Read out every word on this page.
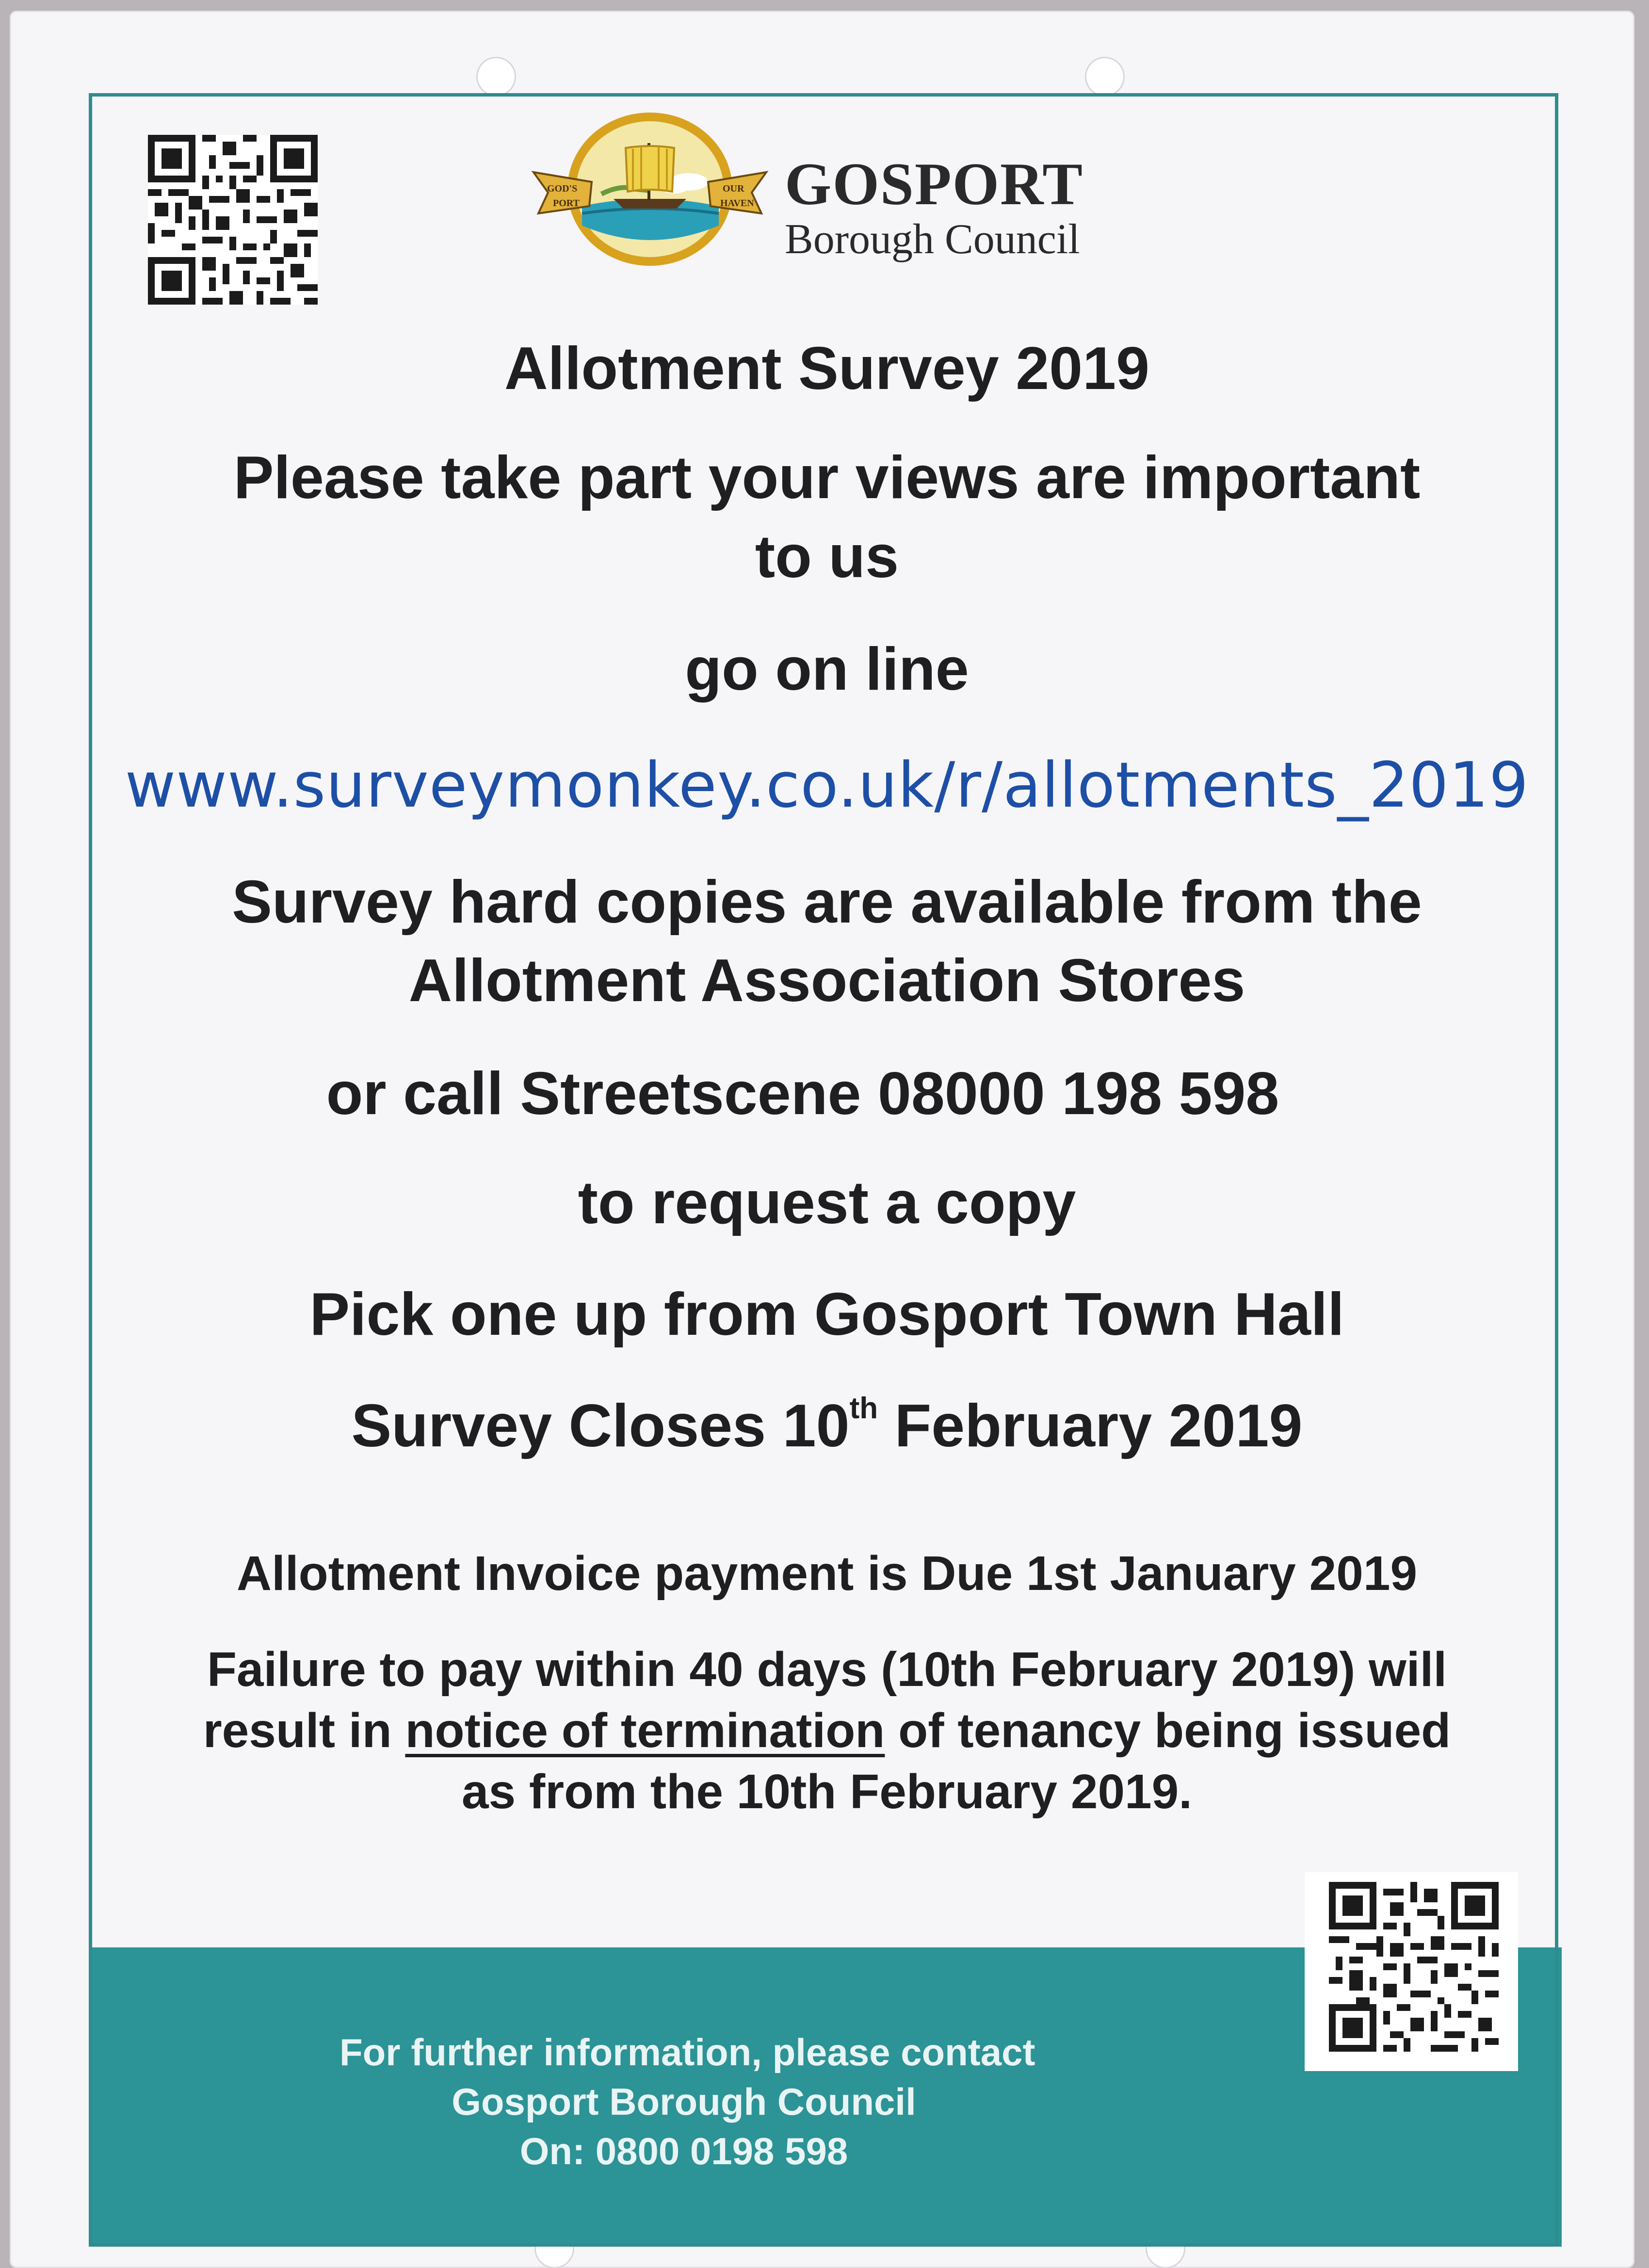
GOD'S
PORT
OUR
HAVEN GOSPORT
Borough Council
Allotment Survey 2019
Please take part your views are important
to us
go on line
www.surveymonkey.co.uk/r/allotments_2019
Survey hard copies are available from the
Allotment Association Stores
or call Streetscene 08000 198 598
to request a copy
Pick one up from Gosport Town Hall
Survey Closes 10th February 2019
Allotment Invoice payment is Due 1st January 2019
Failure to pay within 40 days (10th February 2019) will
result in notice of termination of tenancy being issued
as from the 10th February 2019.
For further information, please contact
Gosport Borough Council
On: 0800 0198 598
